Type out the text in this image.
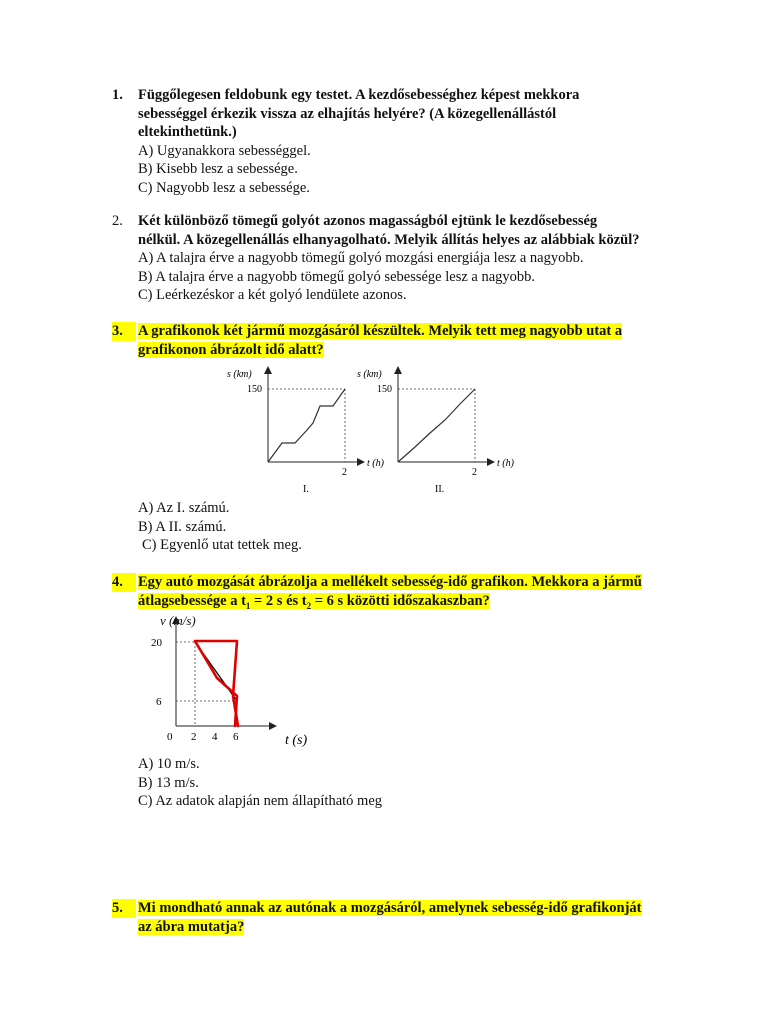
1.	Függőlegesen feldobunk egy testet. A kezdősebességhez képest mekkora
sebességgel érkezik vissza az elhajítás helyére? (A közegellenállástól
eltekinthetünk.)
A) Ugyanakkora sebességgel.
B) Kisebb lesz a sebessége.
C) Nagyobb lesz a sebessége.
2.	Két különböző tömegű golyót azonos magasságból ejtünk le kezdősebesség
nélkül. A közegellenállás elhanyagolható. Melyik állítás helyes az alábbiak közül?
A) A talajra érve a nagyobb tömegű golyó mozgási energiája lesz a nagyobb.
B) A talajra érve a nagyobb tömegű golyó sebessége lesz a nagyobb.
C) Leérkezéskor a két golyó lendülete azonos.
3.	A grafikonok két jármű mozgásáról készültek. Melyik tett meg nagyobb utat a
grafikonon ábrázolt idő alatt?
s (km)
150
2
I.
t (h)
s (km)
150
2
II.
t (h)
A) Az I. számú.
B) A II. számú.
C) Egyenlő utat tettek meg.
4.	Egy autó mozgását ábrázolja a mellékelt sebesség-idő grafikon. Mekkora a jármű
átlagsebessége a $t_1 = 2$ s és $t_2 = 6$ s közötti időszakaszban?
20
6
0 2 4 6	t (s)
v (m/s)
A) 10 m/s.
B) 13 m/s.
C) Az adatok alapján nem állapítható meg
5.	Mi mondható annak az autónak a mozgásáról, amelynek sebesség-idő grafikonját
az ábra mutatja?
